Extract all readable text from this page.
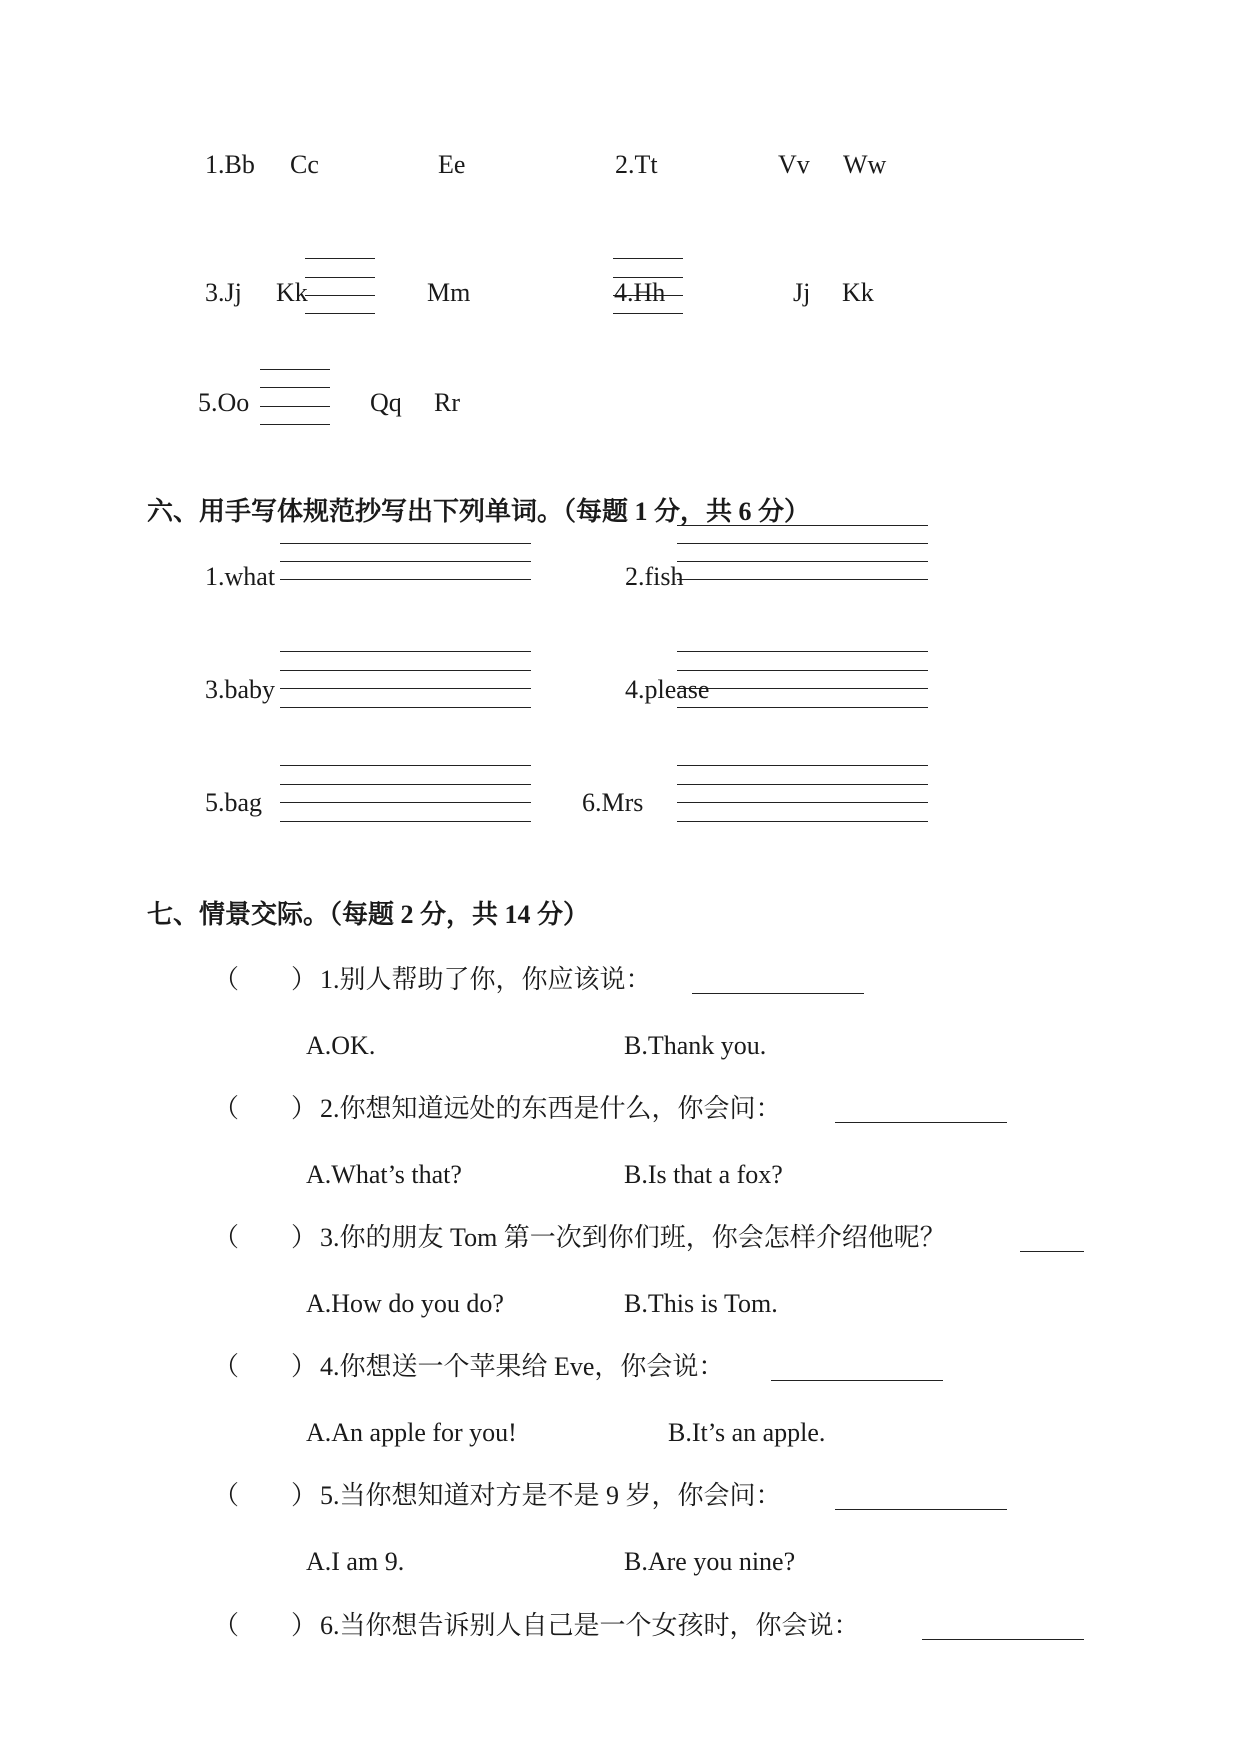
1.Bb Cc	Ee	2.Tt	Vv Ww
3.Jj Kk	Mm	4.Hh	Jj Kk
5.Oo	Qq Rr
六、用手写体规范抄写出下列单词。（每题 1 分，共 6 分）
1.what	2.fish
3.baby	4.please
5.bag	6.Mrs
七、情景交际。（每题 2 分，共 14 分）
（　　） 1.别人帮助了你，你应该说：
A.OK.	B.Thank you.
（　　） 2.你想知道远处的东西是什么，你会问：
A.What’s that?	B.Is that a fox?
（　　） 3.你的朋友 Tom 第一次到你们班，你会怎样介绍他呢？
A.How do you do?	B.This is Tom.
（　　） 4.你想送一个苹果给 Eve，你会说：
A.An apple for you!	B.It’s an apple.
（　　） 5.当你想知道对方是不是 9 岁，你会问：
A.I am 9.	B.Are you nine?
（　　） 6.当你想告诉别人自己是一个女孩时，你会说：
